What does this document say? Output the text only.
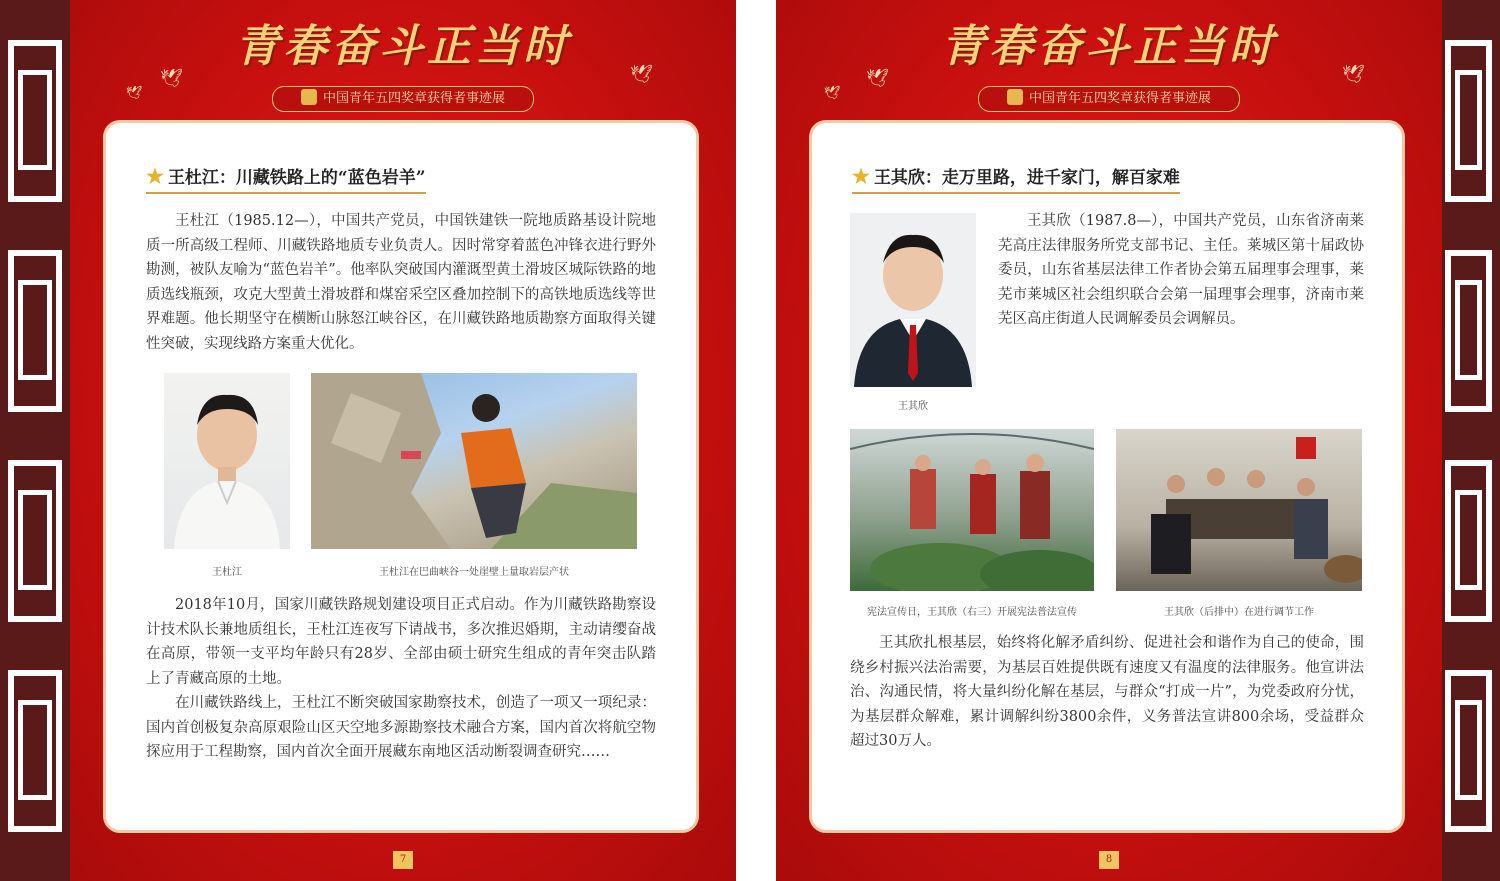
青春奋斗正当时
🕊
🕊
🕊
中国青年五四奖章获得者事迹展
★ 王杜江：川藏铁路上的“蓝色岩羊”
王杜江（1985.12—），中国共产党员，中国铁建铁一院地质路基设计院地质一所高级工程师、川藏铁路地质专业负责人。因时常穿着蓝色冲锋衣进行野外勘测，被队友喻为“蓝色岩羊”。他率队突破国内灌溉型黄土滑坡区城际铁路的地质选线瓶颈，攻克大型黄土滑坡群和煤窑采空区叠加控制下的高铁地质选线等世界难题。他长期坚守在横断山脉怒江峡谷区，在川藏铁路地质勘察方面取得关键性突破，实现线路方案重大优化。
王杜江	王杜江在巴曲峡谷一处崖壁上量取岩层产状
2018年10月，国家川藏铁路规划建设项目正式启动。作为川藏铁路勘察设计技术队长兼地质组长，王杜江连夜写下请战书，多次推迟婚期，主动请缨奋战在高原，带领一支平均年龄只有28岁、全部由硕士研究生组成的青年突击队踏上了青藏高原的土地。
在川藏铁路线上，王杜江不断突破国家勘察技术，创造了一项又一项纪录：国内首创极复杂高原艰险山区天空地多源勘察技术融合方案，国内首次将航空物探应用于工程勘察，国内首次全面开展藏东南地区活动断裂调查研究……
7
青春奋斗正当时
🕊
🕊
🕊
中国青年五四奖章获得者事迹展
★ 王其欣：走万里路，进千家门，解百家难
王其欣
王其欣（1987.8—），中国共产党员，山东省济南莱芜高庄法律服务所党支部书记、主任。莱城区第十届政协委员，山东省基层法律工作者协会第五届理事会理事，莱芜市莱城区社会组织联合会第一届理事会理事，济南市莱芜区高庄街道人民调解委员会调解员。
宪法宣传日，王其欣（右三）开展宪法普法宣传	王其欣（后排中）在进行调节工作
王其欣扎根基层，始终将化解矛盾纠纷、促进社会和谐作为自己的使命，围绕乡村振兴法治需要，为基层百姓提供既有速度又有温度的法律服务。他宣讲法治、沟通民情，将大量纠纷化解在基层，与群众“打成一片”，为党委政府分忧，为基层群众解难，累计调解纠纷3800余件，义务普法宣讲800余场，受益群众超过30万人。
8
